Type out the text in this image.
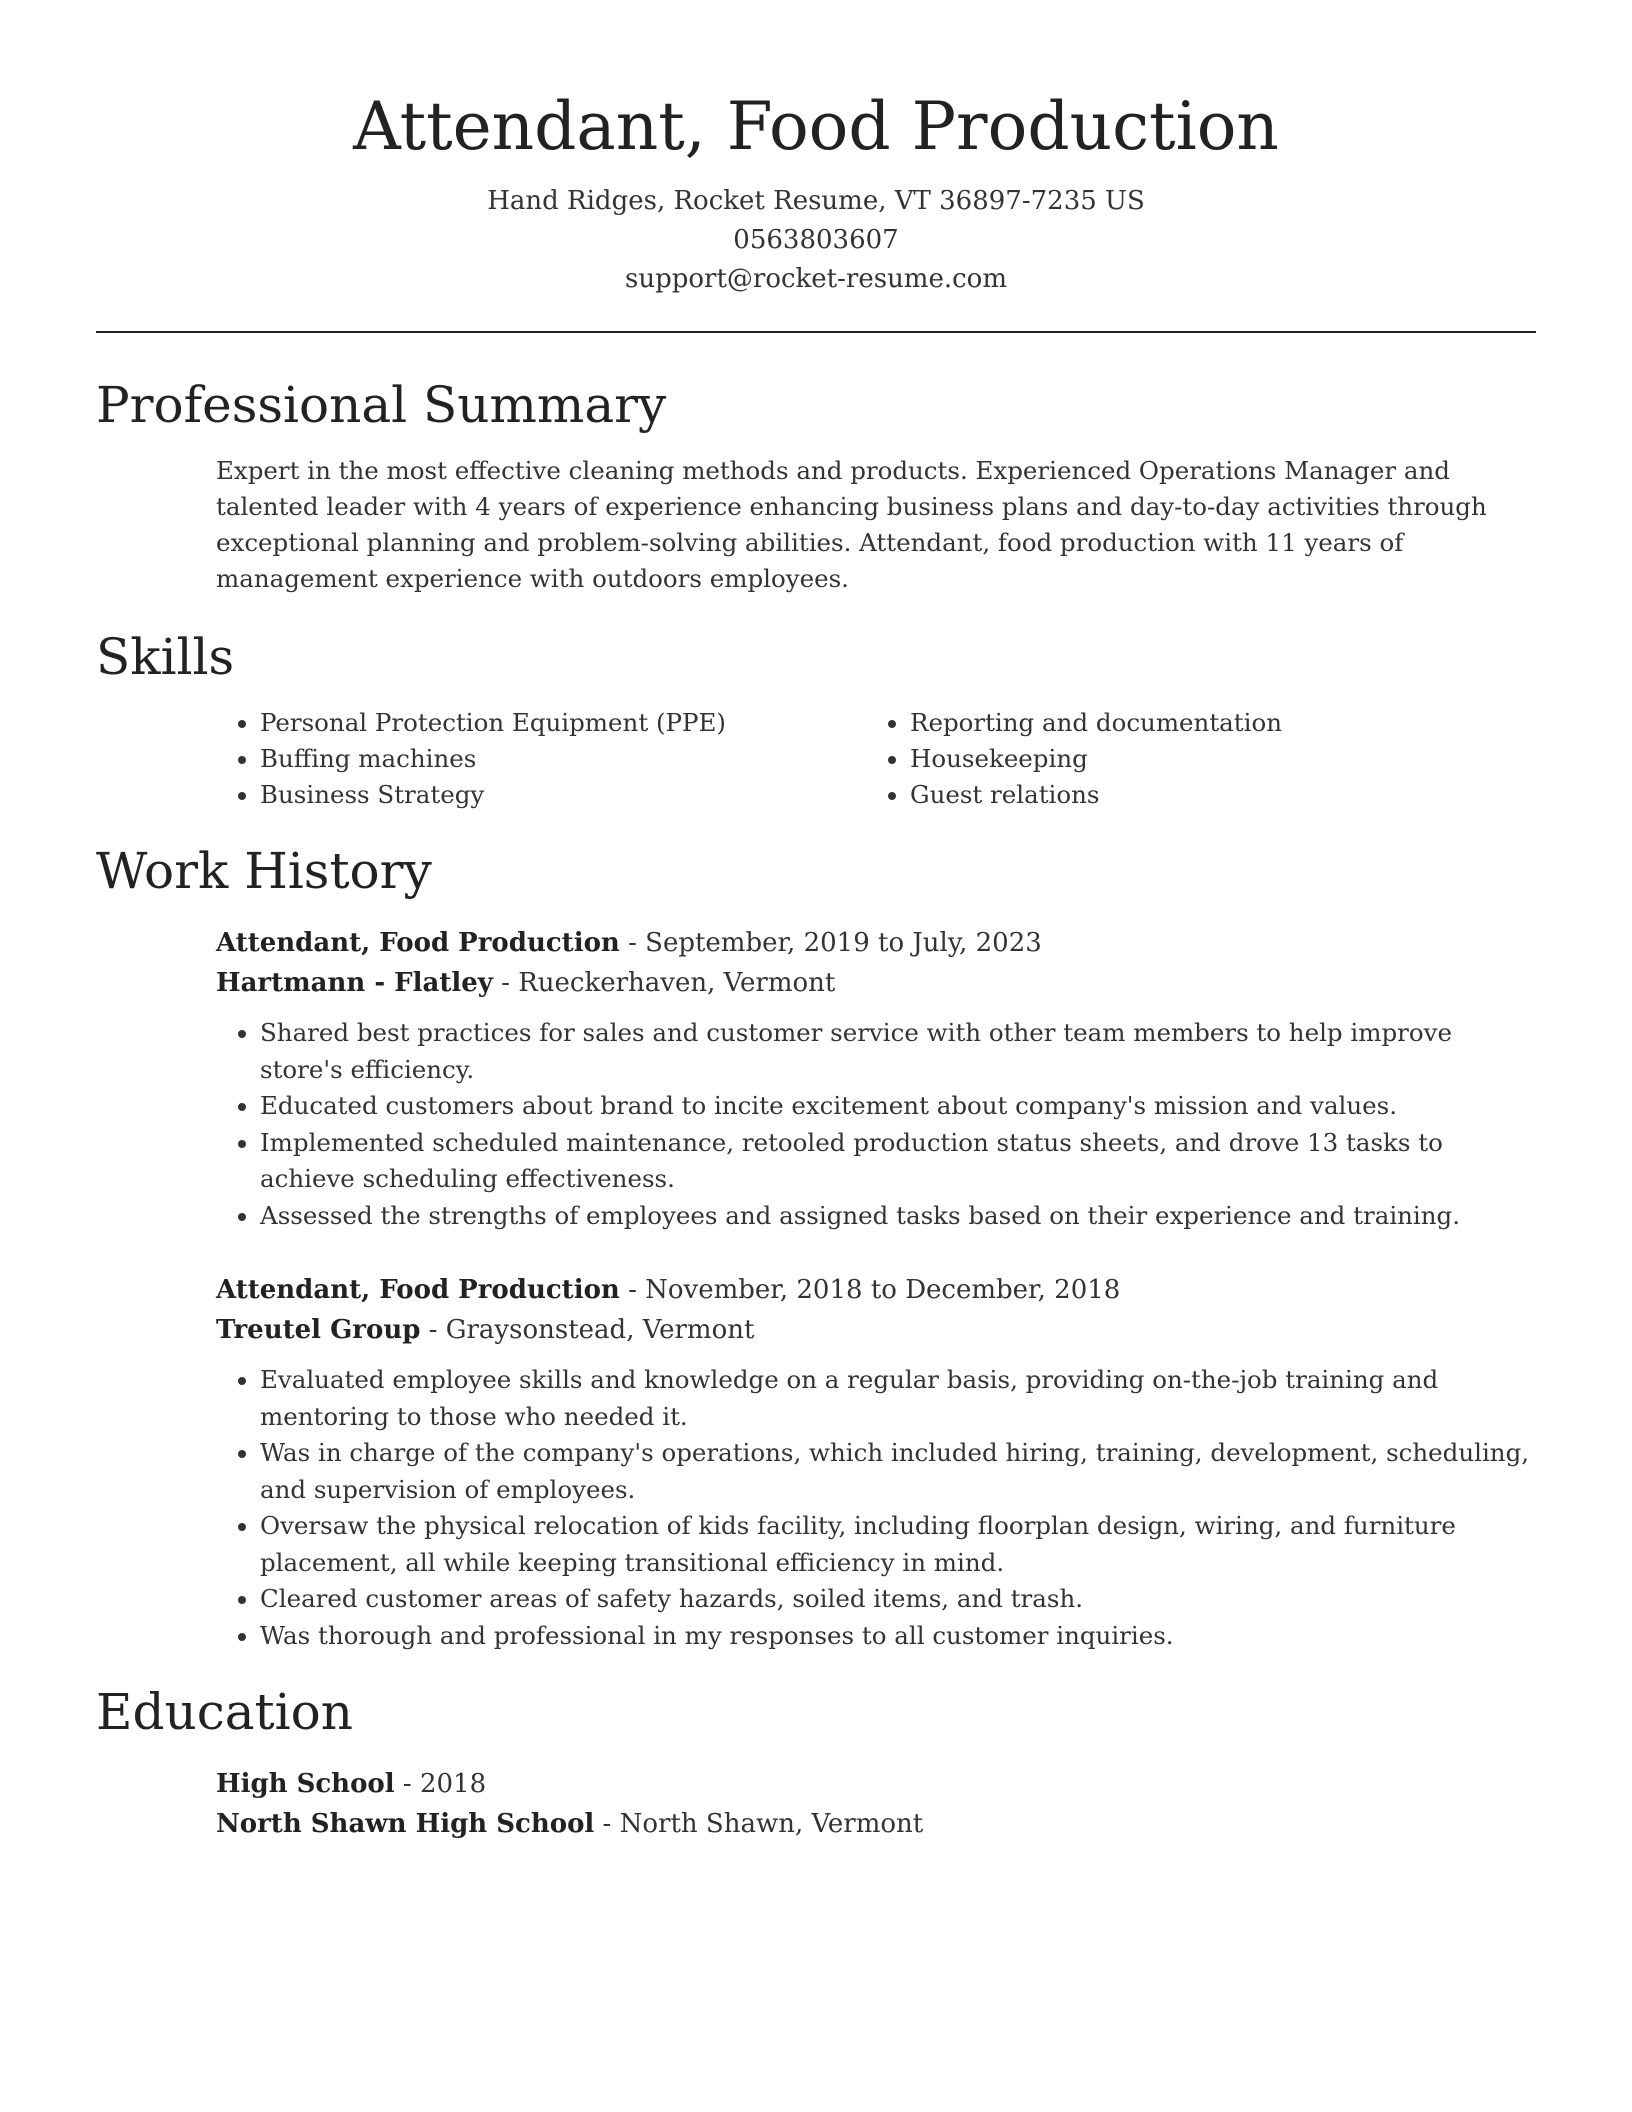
Attendant, Food Production
Hand Ridges, Rocket Resume, VT 36897-7235 US
0563803607
support@rocket-resume.com
Professional Summary
Expert in the most effective cleaning methods and products. Experienced Operations Manager and talented leader with 4 years of experience enhancing business plans and day-to-day activities through exceptional planning and problem-solving abilities. Attendant, food production with 11 years of management experience with outdoors employees.
Skills
• Personal Protection Equipment (PPE)
• Buffing machines
• Business Strategy
• Reporting and documentation
• Housekeeping
• Guest relations
Work History
Attendant, Food Production - September, 2019 to July, 2023
Hartmann - Flatley - Rueckerhaven, Vermont
• Shared best practices for sales and customer service with other team members to help improve store's efficiency.
• Educated customers about brand to incite excitement about company's mission and values.
• Implemented scheduled maintenance, retooled production status sheets, and drove 13 tasks to achieve scheduling effectiveness.
• Assessed the strengths of employees and assigned tasks based on their experience and training.
Attendant, Food Production - November, 2018 to December, 2018
Treutel Group - Graysonstead, Vermont
• Evaluated employee skills and knowledge on a regular basis, providing on-the-job training and mentoring to those who needed it.
• Was in charge of the company's operations, which included hiring, training, development, scheduling, and supervision of employees.
• Oversaw the physical relocation of kids facility, including floorplan design, wiring, and furniture placement, all while keeping transitional efficiency in mind.
• Cleared customer areas of safety hazards, soiled items, and trash.
• Was thorough and professional in my responses to all customer inquiries.
Education
High School - 2018
North Shawn High School - North Shawn, Vermont
